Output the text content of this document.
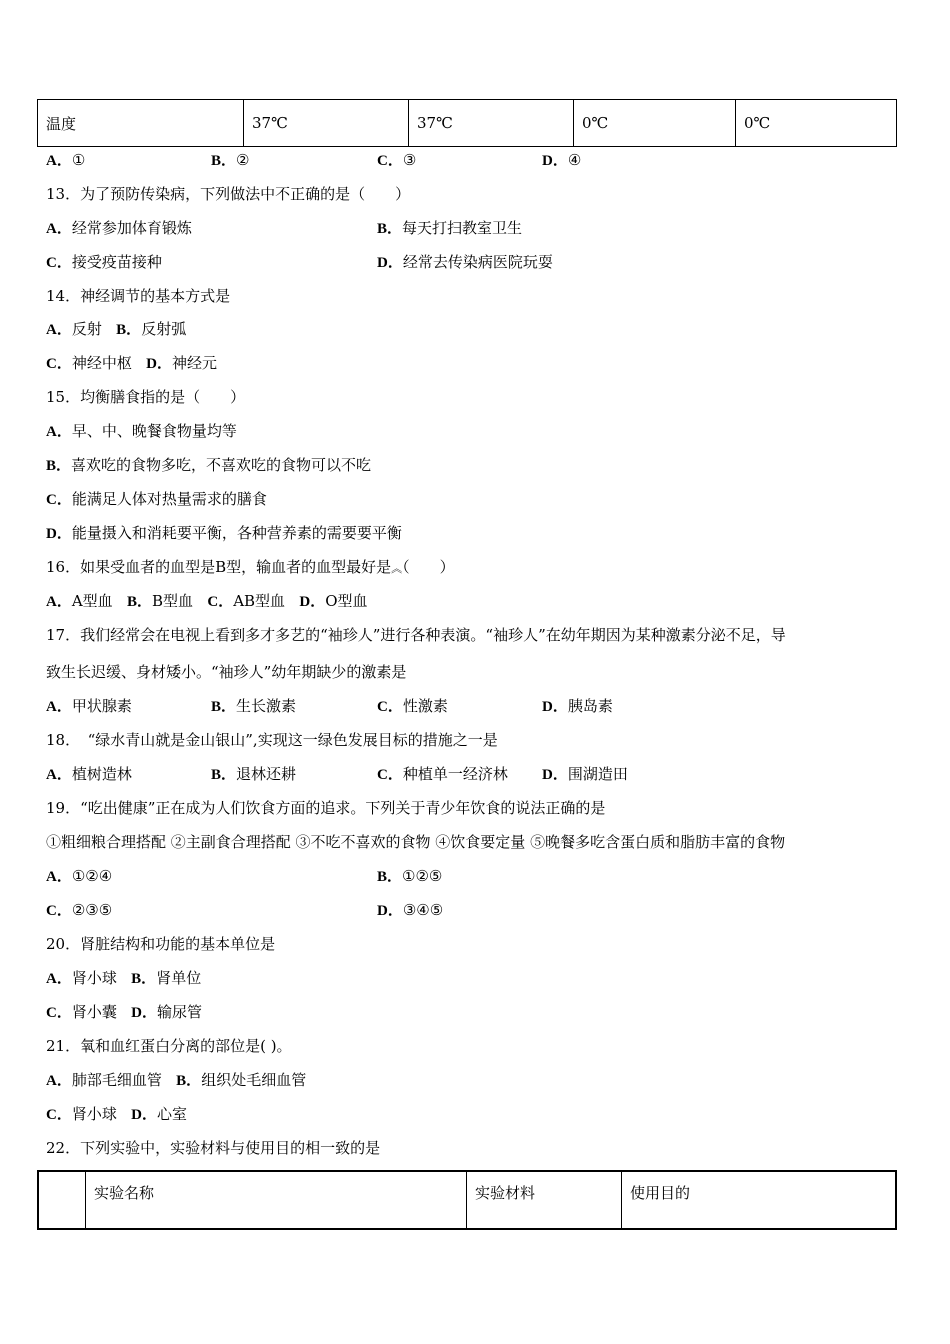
温度	37℃	37℃	0℃	0℃
A．①	B．②	C．③	D．④
13．为了预防传染病，下列做法中不正确的是（　　）
A．经常参加体育锻炼	B．每天打扫教室卫生
C．接受疫苗接种	D．经常去传染病医院玩耍
14．神经调节的基本方式是
A．反射 B．反射弧
C．神经中枢 D．神经元
15．均衡膳食指的是（　　）
A．早、中、晚餐食物量均等
B．喜欢吃的食物多吃，不喜欢吃的食物可以不吃
C．能满足人体对热量需求的膳食
D．能量摄入和消耗要平衡，各种营养素的需要要平衡
16．如果受血者的血型是B型，输血者的血型最好是︽（　　）
A．A型血 B．B型血 C．AB型血 D．O型血
17．我们经常会在电视上看到多才多艺的“袖珍人”进行各种表演。“袖珍人”在幼年期因为某种激素分泌不足，导
致生长迟缓、身材矮小。“袖珍人”幼年期缺少的激素是
A．甲状腺素	B．生长激素	C．性激素	D．胰岛素
18．　“绿水青山就是金山银山”,实现这一绿色发展目标的措施之一是
A．植树造林	B．退林还耕	C．种植单一经济林 D．围湖造田
19．“吃出健康”正在成为人们饮食方面的追求。下列关于青少年饮食的说法正确的是
①粗细粮合理搭配 ②主副食合理搭配 ③不吃不喜欢的食物 ④饮食要定量 ⑤晚餐多吃含蛋白质和脂肪丰富的食物
A．①②④	B．①②⑤
C．②③⑤	D．③④⑤
20．肾脏结构和功能的基本单位是
A．肾小球 B．肾单位
C．肾小囊 D．输尿管
21．氧和血红蛋白分离的部位是( )。
A．肺部毛细血管 B．组织处毛细血管
C．肾小球 D．心室
22．下列实验中，实验材料与使用目的相一致的是
	实验名称	实验材料	使用目的
